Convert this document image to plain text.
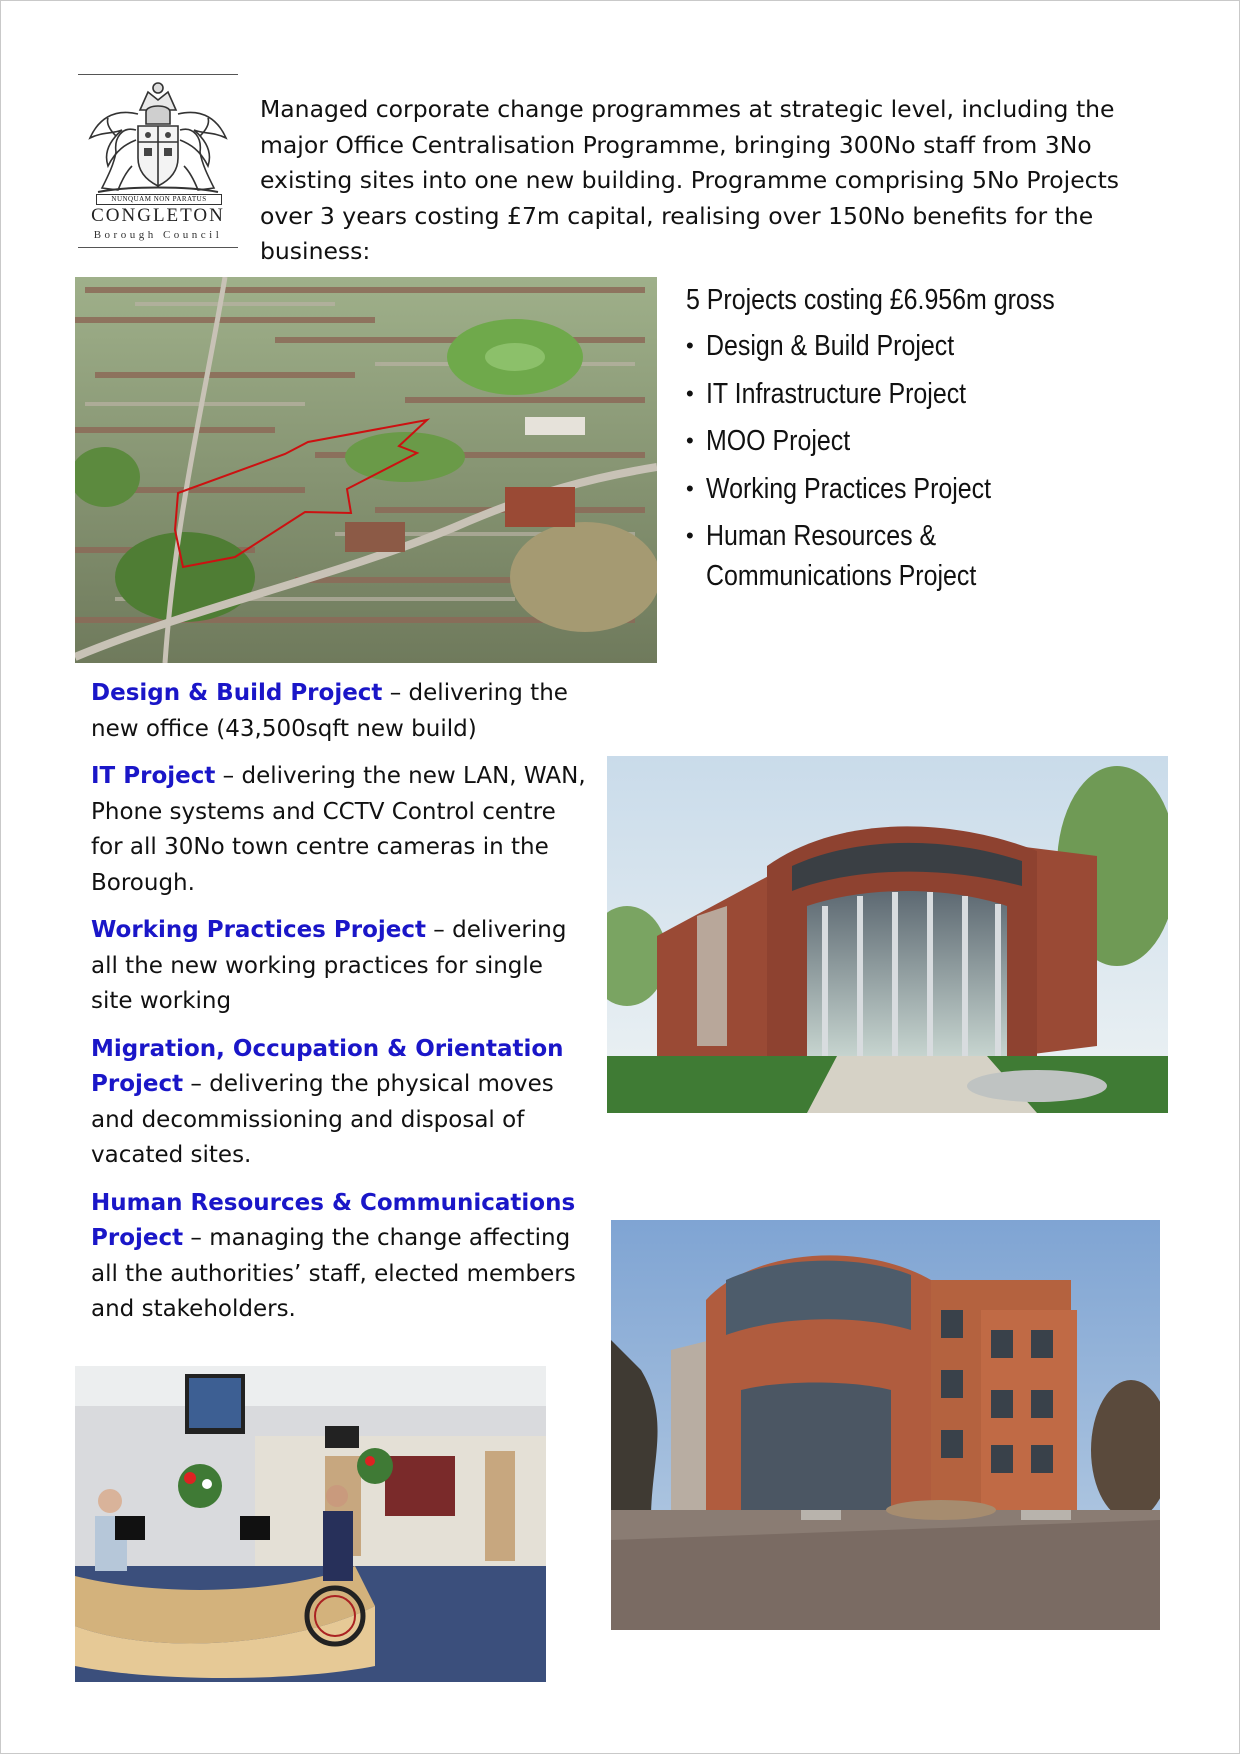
NUNQUAM NON PARATUS
CONGLETON
Borough Council
Managed corporate change programmes at strategic level, including the major Office Centralisation Programme, bringing 300No staff from 3No existing sites into one new building. Programme comprising 5No Projects over 3 years costing £7m capital, realising over 150No benefits for the business:
5 Projects costing £6.956m gross
• Design & Build Project
• IT Infrastructure Project
• MOO Project
• Working Practices Project
• Human Resources & Communications Project

Design & Build Project – delivering the new office (43,500sqft new build)

IT Project – delivering the new LAN, WAN, Phone systems and CCTV Control centre for all 30No town centre cameras in the Borough.

Working Practices Project – delivering all the new working practices for single site working

Migration, Occupation & Orientation Project – delivering the physical moves and decommissioning and disposal of vacated sites.

Human Resources & Communications Project – managing the change affecting all the authorities’ staff, elected members and stakeholders.
